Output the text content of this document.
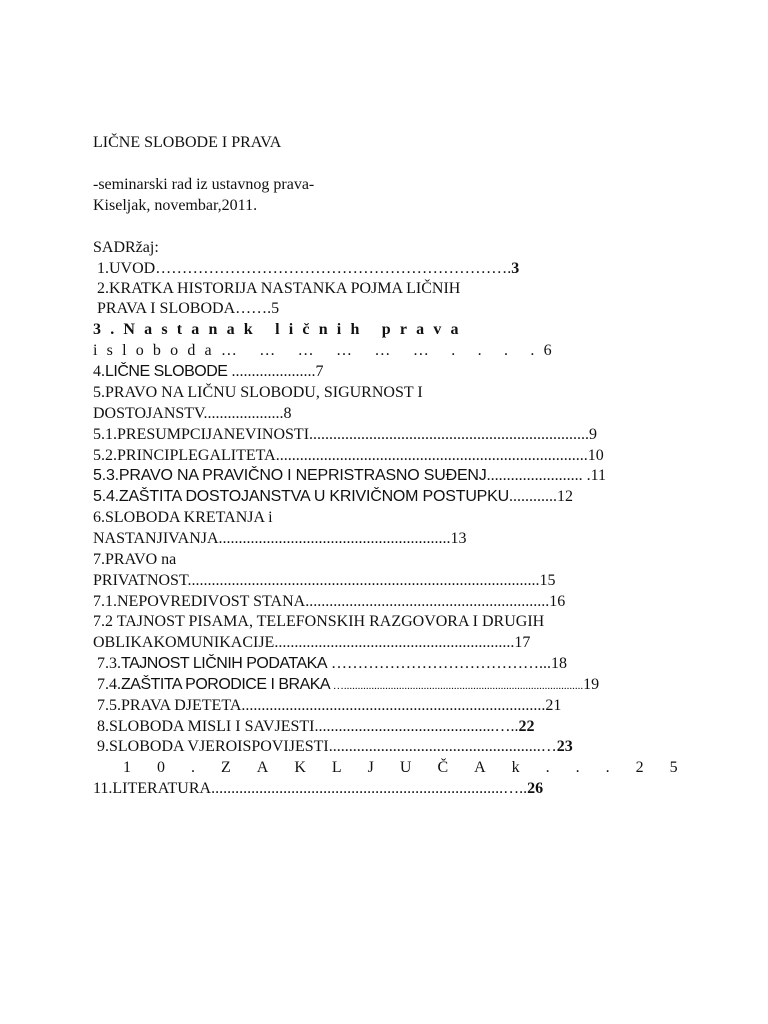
LIČNE SLOBODE I PRAVA
-seminarski rad iz ustavnog prava-
Kiseljak, novembar,2011.
SADRžaj:
1.UVOD………………………………………………………….3
2.KRATKA HISTORIJA NASTANKA POJMA LIČNIH
PRAVA I SLOBODA…….5
3.Nastanak ličnih prava
isloboda… … … … … … . . . .6
4.LIČNE SLOBODE .....................7
5.PRAVO NA LIČNU SLOBODU, SIGURNOST I
DOSTOJANSTV....................8
5.1.PRESUMPCIJANEVINOSTI......................................................................9
5.2.PRINCIPLEGALITETA..............................................................................10
5.3.PRAVO NA PRAVIČNO I NEPRISTRASNO SUĐENJ........................ .11
5.4.ZAŠTITA DOSTOJANSTVA U KRIVIČNOM POSTUPKU............12
6.SLOBODA KRETANJA i
NASTANJIVANJA..........................................................13
7.PRAVO na
PRIVATNOST........................................................................................15
7.1.NEPOVREDIVOST STANA.............................................................16
7.2 TAJNOST PISAMA, TELEFONSKIH RAZGOVORA I DRUGIH
OBLIKAKOMUNIKACIJE............................................................17
7.3.TAJNOST LIČNIH PODATAKA …………………………………...18
7.4.ZAŠTITA PORODICE I BRAKA ….......................................................................................19
7.5.PRAVA DJETETA............................................................................21
8.SLOBODA MISLI I SAVJESTI.............................................…..22
9.SLOBODA VJEROISPOVIJESTI.....................................................…23
10.ZAKLJUČAk...25
11.LITERATURA.........................................................................…..26
